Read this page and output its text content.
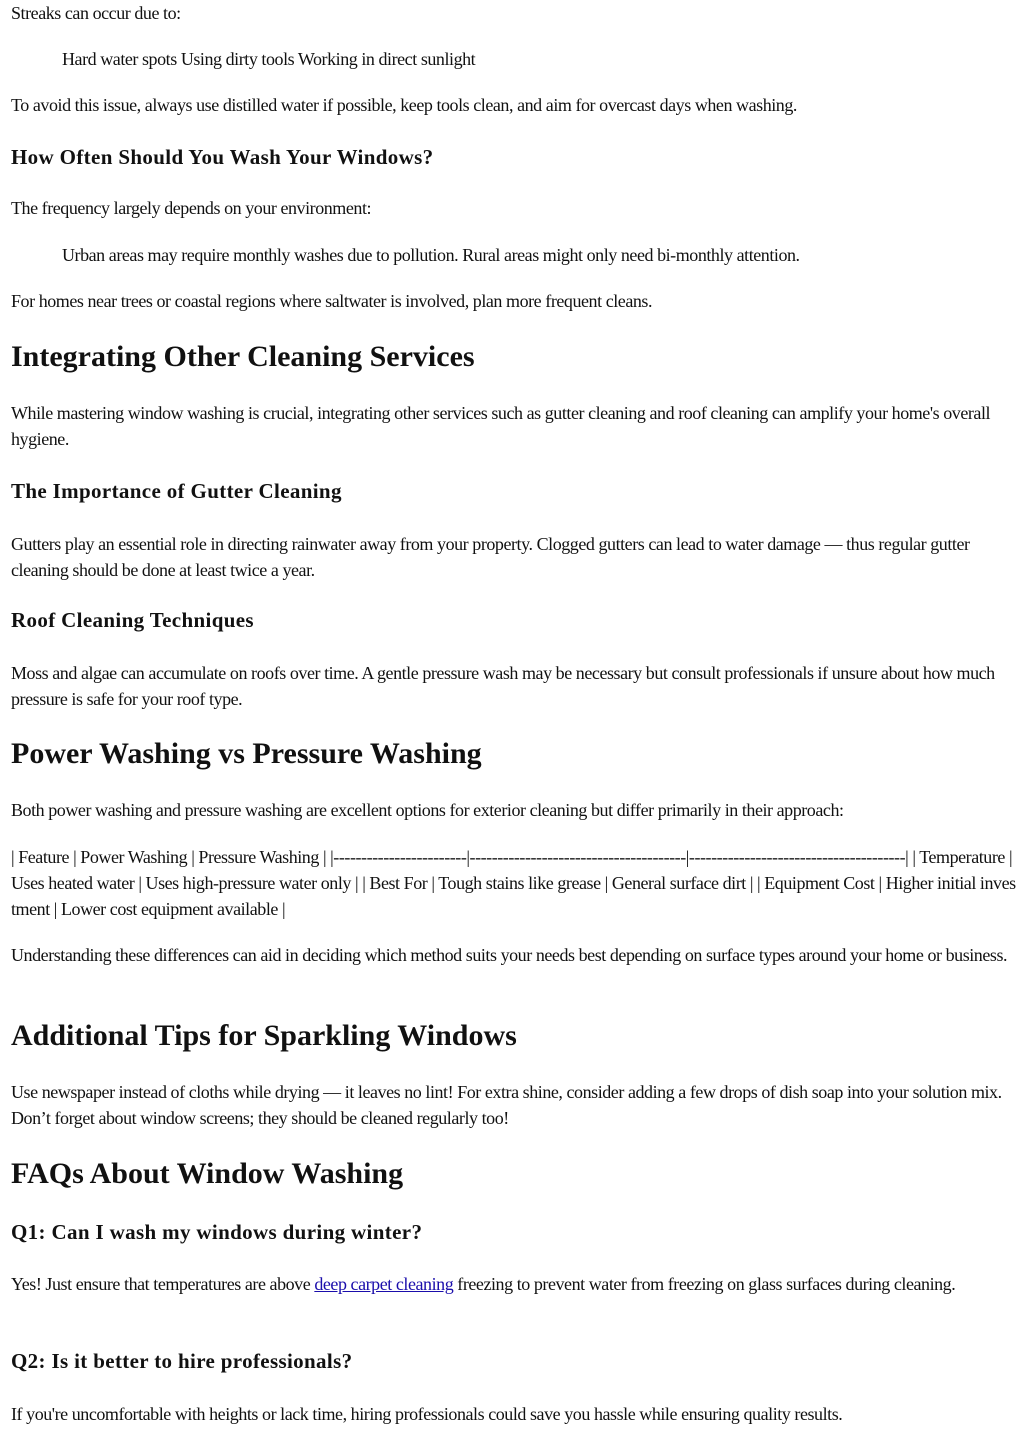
Streaks can occur due to:

Hard water spots Using dirty tools Working in direct sunlight

To avoid this issue, always use distilled water if possible, keep tools clean, and aim for overcast days when washing.

How Often Should You Wash Your Windows?

The frequency largely depends on your environment:

Urban areas may require monthly washes due to pollution. Rural areas might only need bi-monthly attention.

For homes near trees or coastal regions where saltwater is involved, plan more frequent cleans.

Integrating Other Cleaning Services

While mastering window washing is crucial, integrating other services such as gutter cleaning and roof cleaning can amplify your home's overall hygiene.

The Importance of Gutter Cleaning

Gutters play an essential role in directing rainwater away from your property. Clogged gutters can lead to water damage — thus regular gutter cleaning should be done at least twice a year.

Roof Cleaning Techniques

Moss and algae can accumulate on roofs over time. A gentle pressure wash may be necessary but consult professionals if unsure about how much pressure is safe for your roof type.

Power Washing vs Pressure Washing

Both power washing and pressure washing are excellent options for exterior cleaning but differ primarily in their approach:

| Feature | Power Washing | Pressure Washing | |------------------------|---------------------------------------|---------------------------------------| | Temperature | Uses heated water | Uses high-pressure water only | | Best For | Tough stains like grease | General surface dirt | | Equipment Cost | Higher initial investment | Lower cost equipment available |

Understanding these differences can aid in deciding which method suits your needs best depending on surface types around your home or business.

Additional Tips for Sparkling Windows

Use newspaper instead of cloths while drying — it leaves no lint! For extra shine, consider adding a few drops of dish soap into your solution mix. Don’t forget about window screens; they should be cleaned regularly too!

FAQs About Window Washing
Q1: Can I wash my windows during winter?

Yes! Just ensure that temperatures are above deep carpet cleaning freezing to prevent water from freezing on glass surfaces during cleaning.

Q2: Is it better to hire professionals?

If you're uncomfortable with heights or lack time, hiring professionals could save you hassle while ensuring quality results.
